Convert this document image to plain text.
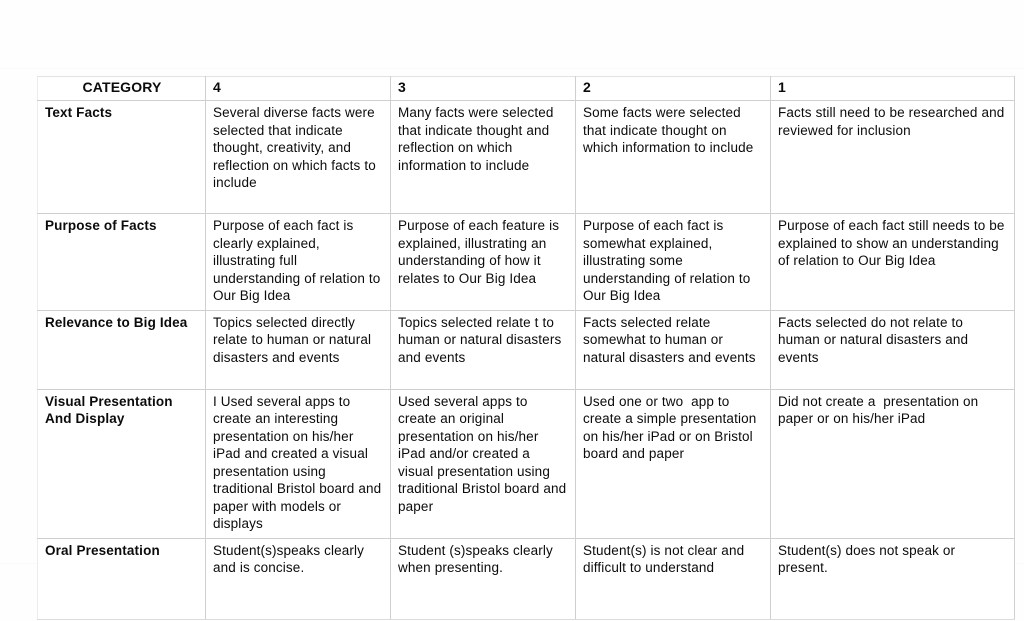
CATEGORY	4	3	2	1
Text Facts	Several diverse facts were selected that indicate thought, creativity, and reflection on which facts to include	Many facts were selected that indicate thought and reflection on which information to include	Some facts were selected that indicate thought on which information to include	Facts still need to be researched and reviewed for inclusion
Purpose of Facts	Purpose of each fact is clearly explained, illustrating full understanding of relation to Our Big Idea	Purpose of each feature is explained, illustrating an understanding of how it relates to Our Big Idea	Purpose of each fact is somewhat explained, illustrating some understanding of relation to Our Big Idea	Purpose of each fact still needs to be explained to show an understanding of relation to Our Big Idea
Relevance to Big Idea	Topics selected directly relate to human or natural disasters and events	Topics selected relate t to human or natural disasters and events	Facts selected relate somewhat to human or natural disasters and events	Facts selected do not relate to human or natural disasters and events
Visual Presentation And Display	I Used several apps to create an interesting presentation on his/her iPad and created a visual presentation using traditional Bristol board and paper with models or displays	Used several apps to create an original presentation on his/her iPad and/or created a visual presentation using traditional Bristol board and paper	Used one or two  app to create a simple presentation on his/her iPad or on Bristol board and paper	Did not create a  presentation on paper or on his/her iPad
Oral Presentation	Student(s)speaks clearly and is concise.	Student (s)speaks clearly when presenting.	Student(s) is not clear and difficult to understand	Student(s) does not speak or present.
